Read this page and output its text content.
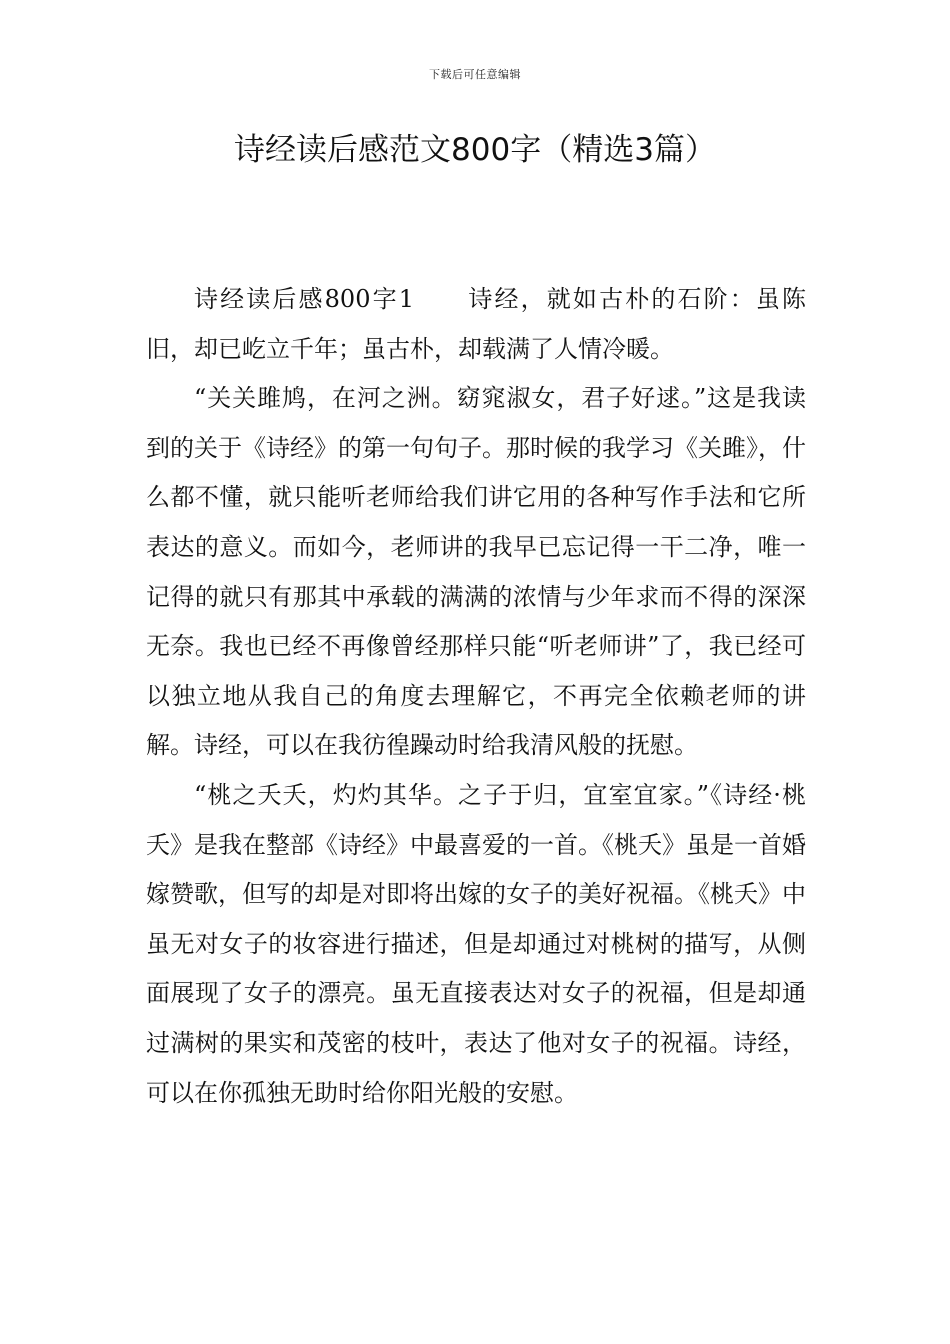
下载后可任意编辑
诗经读后感范文800字（精选3篇）

诗经读后感800字1　　诗经，就如古朴的石阶：虽陈旧，却已屹立千年；虽古朴，却载满了人情冷暖。

“关关雎鸠，在河之洲。窈窕淑女，君子好逑。”这是我读到的关于《诗经》的第一句句子。那时候的我学习《关雎》，什么都不懂，就只能听老师给我们讲它用的各种写作手法和它所表达的意义。而如今，老师讲的我早已忘记得一干二净，唯一记得的就只有那其中承载的满满的浓情与少年求而不得的深深无奈。我也已经不再像曾经那样只能“听老师讲”了，我已经可以独立地从我自己的角度去理解它，不再完全依赖老师的讲解。诗经，可以在我彷徨躁动时给我清风般的抚慰。

“桃之夭夭，灼灼其华。之子于归，宜室宜家。”《诗经·桃夭》是我在整部《诗经》中最喜爱的一首。《桃夭》虽是一首婚嫁赞歌，但写的却是对即将出嫁的女子的美好祝福。《桃夭》中虽无对女子的妆容进行描述，但是却通过对桃树的描写，从侧面展现了女子的漂亮。虽无直接表达对女子的祝福，但是却通过满树的果实和茂密的枝叶，表达了他对女子的祝福。诗经，可以在你孤独无助时给你阳光般的安慰。
